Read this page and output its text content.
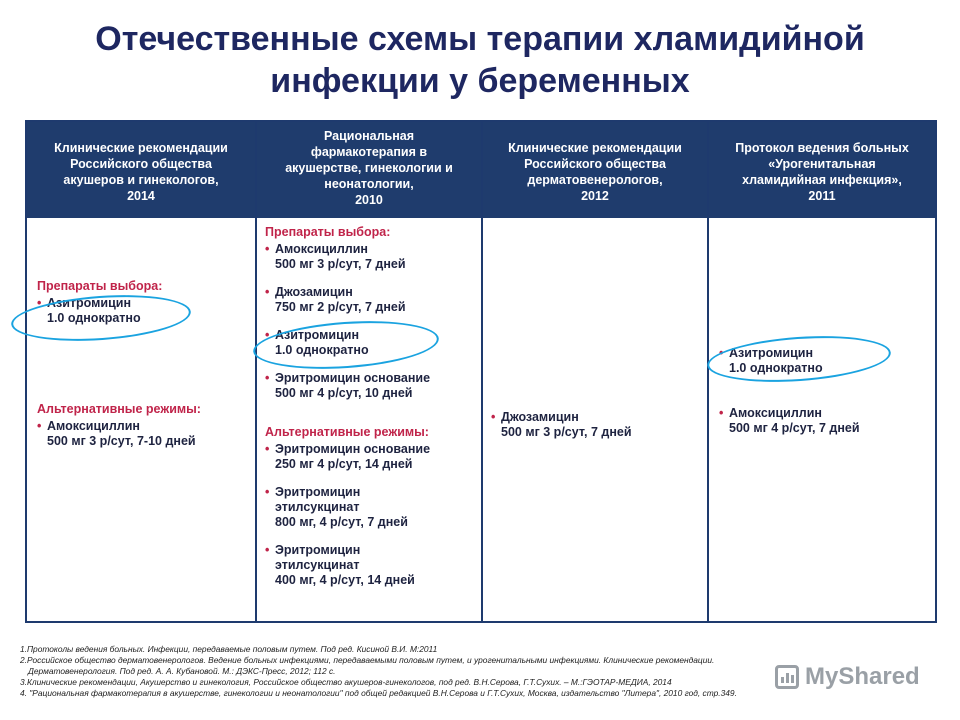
Отечественные схемы терапии хламидийной
инфекции у беременных
Клинические рекомендации
Российского общества
акушеров и гинекологов,
2014
Рациональная
фармакотерапия в
акушерстве, гинекологии и
неонатологии,
2010
Клинические рекомендации
Российского общества
дерматовенерологов,
2012
Протокол ведения больных
«Урогенитальная
хламидийная инфекция»,
2011
Препараты выбора:
• Азитромицин
1.0 однократно
Альтернативные режимы:
• Амоксициллин
500 мг 3 р/сут, 7-10 дней
Препараты выбора:
• Амоксициллин
500 мг 3 р/сут, 7 дней
• Джозамицин
750 мг 2 р/сут, 7 дней
• Азитромицин
1.0 однократно
• Эритромицин основание
500 мг 4 р/сут, 10 дней
Альтернативные режимы:
• Эритромицин основание
250 мг 4 р/сут, 14 дней
• Эритромицин
этилсукцинат
800 мг, 4 р/сут, 7 дней
• Эритромицин
этилсукцинат
400 мг, 4 р/сут, 14 дней
• Джозамицин
500 мг 3 р/сут, 7 дней
• Азитромицин
1.0 однократно
• Амоксициллин
500 мг 4 р/сут, 7 дней
1.Протоколы ведения больных. Инфекции, передаваемые половым путем. Под ред. Кисиной В.И. М:2011
2.Российское общество дерматовенерологов. Ведение больных инфекциями, передаваемыми половым путем, и урогенитальными инфекциями. Клинические рекомендации.
Дерматовенерология. Под ред. А. А. Кубановой. М.: ДЭКС-Пресс, 2012; 112 с.
3.Клинические рекомендации, Акушерство и гинекология, Российское общество акушеров-гинекологов, под ред. В.Н.Серова, Г.Т.Сухих. – М.:ГЭОТАР-МЕДИА, 2014
4. "Рациональная фармакотерапия в акушерстве, гинекологии и неонатологии" под общей редакцией В.Н.Серова и Г.Т.Сухих, Москва, издательство "Литера", 2010 год, стр.349.
MyShared
